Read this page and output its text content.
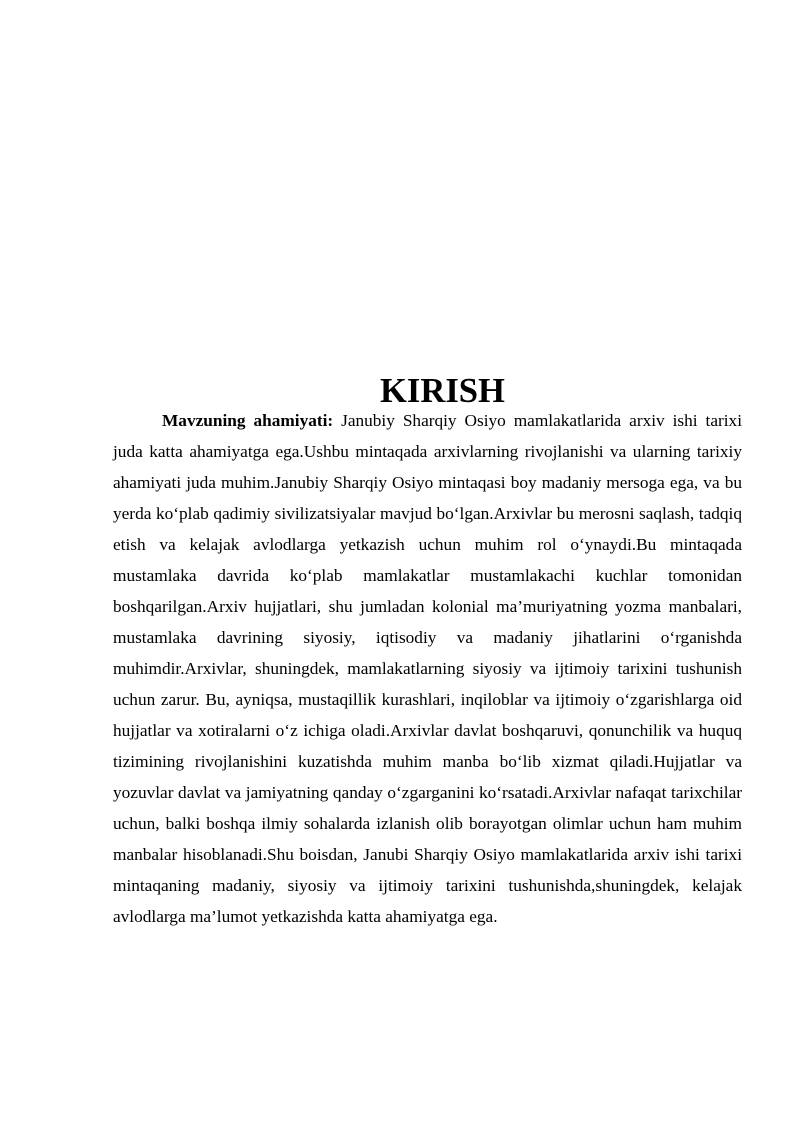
KIRISH

Mavzuning ahamiyati: Janubiy Sharqiy Osiyo mamlakatlarida arxiv ishi tarixi juda katta ahamiyatga ega.Ushbu mintaqada arxivlarning rivojlanishi va ularning tarixiy ahamiyati juda muhim.Janubiy Sharqiy Osiyo mintaqasi boy madaniy mersoga ega, va bu yerda ko‘plab qadimiy sivilizatsiyalar mavjud bo‘lgan.Arxivlar bu merosni saqlash, tadqiq etish va kelajak avlodlarga yetkazish uchun muhim rol o‘ynaydi.Bu mintaqada mustamlaka davrida ko‘plab mamlakatlar mustamlakachi kuchlar tomonidan boshqarilgan.Arxiv hujjatlari, shu jumladan kolonial ma’muriyatning yozma manbalari, mustamlaka davrining siyosiy, iqtisodiy va madaniy jihatlarini o‘rganishda muhimdir.Arxivlar, shuningdek, mamlakatlarning siyosiy va ijtimoiy tarixini tushunish uchun zarur. Bu, ayniqsa, mustaqillik kurashlari, inqiloblar va ijtimoiy o‘zgarishlarga oid hujjatlar va xotiralarni o‘z ichiga oladi.Arxivlar davlat boshqaruvi, qonunchilik va huquq tizimining rivojlanishini kuzatishda muhim manba bo‘lib xizmat qiladi.Hujjatlar va yozuvlar davlat va jamiyatning qanday o‘zgarganini ko‘rsatadi.Arxivlar nafaqat tarixchilar uchun, balki boshqa ilmiy sohalarda izlanish olib borayotgan olimlar uchun ham muhim manbalar hisoblanadi.Shu boisdan, Janubi Sharqiy Osiyo mamlakatlarida arxiv ishi tarixi mintaqaning madaniy, siyosiy va ijtimoiy tarixini tushunishda,shuningdek, kelajak avlodlarga ma’lumot yetkazishda katta ahamiyatga ega.
